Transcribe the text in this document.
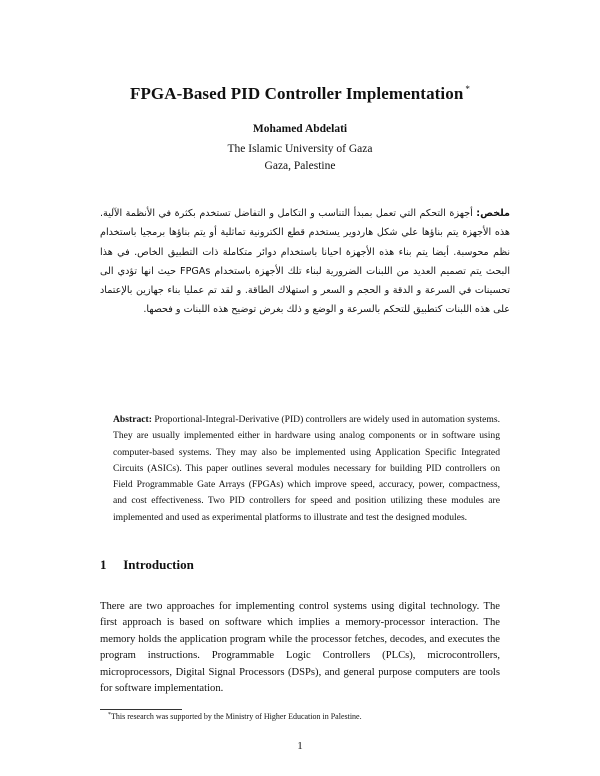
FPGA-Based PID Controller Implementation *
Mohamed Abdelati
The Islamic University of Gaza
Gaza, Palestine
ملخص: أجهزة التحكم التي تعمل بمبدأ التناسب و التكامل و التفاضل تستخدم بكثرة في الأنظمة الآلية. هذه الأجهزة يتم بناؤها علي شكل هاردوير يستخدم قطع الكترونية تماثلية أو يتم بناؤها برمجيا باستخدام نظم محوسبة. أيضا يتم بناء هذه الأجهزة احيانا باستخدام دوائر متكاملة ذات التطبيق الخاص. في هذا البحث يتم تصميم العديد من اللبنات الضرورية لبناء تلك الأجهزة باستخدام FPGAs حيث انها تؤدي الى تحسينات في السرعة و الدقة و الحجم و السعر و استهلاك الطاقة. و لقد تم عمليا بناء جهازين بالإعتماد على هذه اللبنات كتطبيق للتحكم بالسرعة و الوضع و ذلك بغرض توضيح هذه اللبنات و فحصها.
Abstract: Proportional-Integral-Derivative (PID) controllers are widely used in automation systems. They are usually implemented either in hardware using analog components or in software using computer-based systems. They may also be implemented using Application Specific Integrated Circuits (ASICs). This paper outlines several modules necessary for building PID controllers on Field Programmable Gate Arrays (FPGAs) which improve speed, accuracy, power, compactness, and cost effectiveness. Two PID controllers for speed and position utilizing these modules are implemented and used as experimental platforms to illustrate and test the designed modules.
1 Introduction
There are two approaches for implementing control systems using digital technology. The first approach is based on software which implies a memory-processor interaction. The memory holds the application program while the processor fetches, decodes, and executes the program instructions. Programmable Logic Controllers (PLCs), microcontrollers, microprocessors, Digital Signal Processors (DSPs), and general purpose computers are tools for software implementation.
*This research was supported by the Ministry of Higher Education in Palestine.
1
